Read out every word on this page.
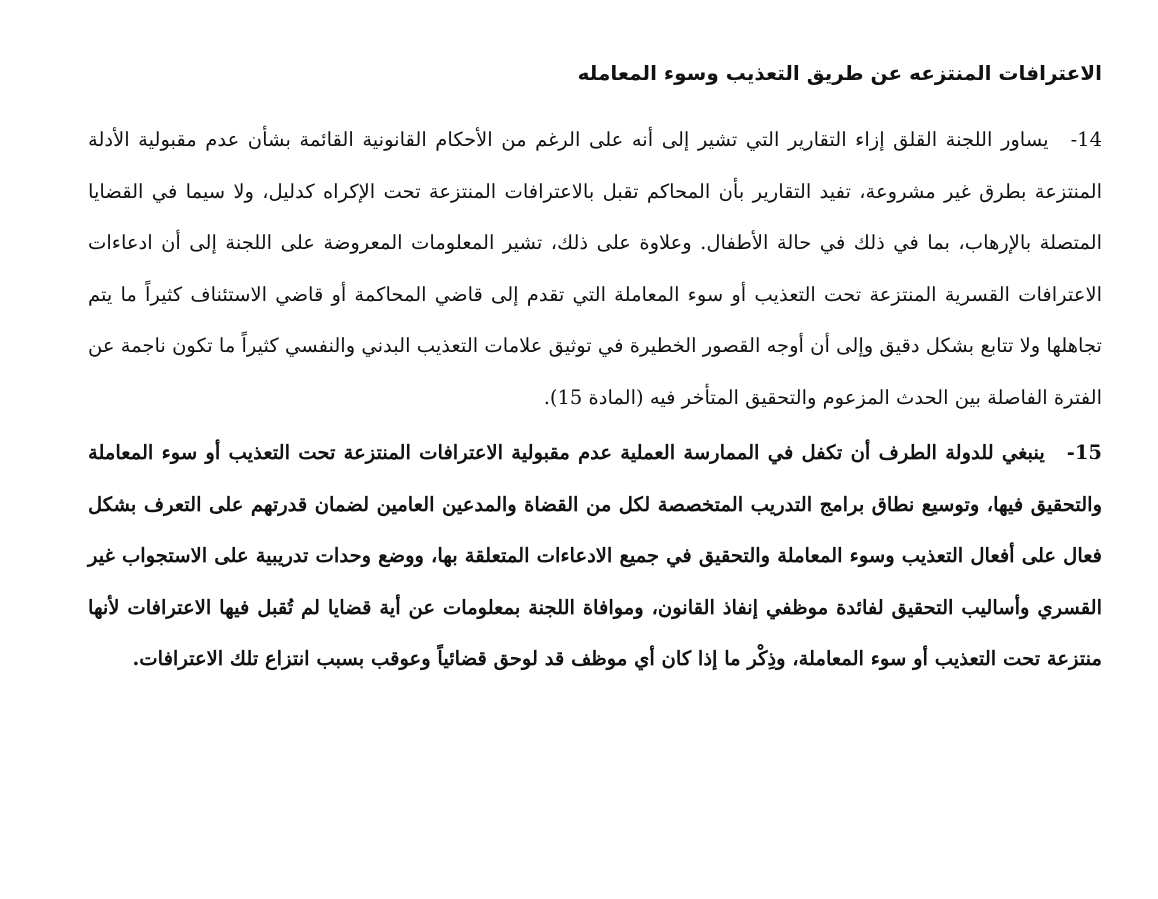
الاعترافات المنتزعه عن طريق التعذيب وسوء المعامله

14-يساور اللجنة القلق إزاء التقارير التي تشير إلى أنه على الرغم من الأحكام القانونية القائمة بشأن عدم مقبولية الأدلة المنتزعة بطرق غير مشروعة، تفيد التقارير بأن المحاكم تقبل بالاعترافات المنتزعة تحت الإكراه كدليل، ولا سيما في القضايا المتصلة بالإرهاب، بما في ذلك في حالة الأطفال. وعلاوة على ذلك، تشير المعلومات المعروضة على اللجنة إلى أن ادعاءات الاعترافات القسرية المنتزعة تحت التعذيب أو سوء المعاملة التي تقدم إلى قاضي المحاكمة أو قاضي الاستئناف كثيراً ما يتم تجاهلها ولا تتابع بشكل دقيق وإلى أن أوجه القصور الخطيرة في توثيق علامات التعذيب البدني والنفسي كثيراً ما تكون ناجمة عن الفترة الفاصلة بين الحدث المزعوم والتحقيق المتأخر فيه (المادة 15).

15-ينبغي للدولة الطرف أن تكفل في الممارسة العملية عدم مقبولية الاعترافات المنتزعة تحت التعذيب أو سوء المعاملة والتحقيق فيها، وتوسيع نطاق برامج التدريب المتخصصة لكل من القضاة والمدعين العامين لضمان قدرتهم على التعرف بشكل فعال على أفعال التعذيب وسوء المعاملة والتحقيق في جميع الادعاءات المتعلقة بها، ووضع وحدات تدريبية على الاستجواب غير القسري وأساليب التحقيق لفائدة موظفي إنفاذ القانون، وموافاة اللجنة بمعلومات عن أية قضايا لم تُقبل فيها الاعترافات لأنها منتزعة تحت التعذيب أو سوء المعاملة، وذِكْر ما إذا كان أي موظف قد لوحق قضائياً وعوقب بسبب انتزاع تلك الاعترافات.
